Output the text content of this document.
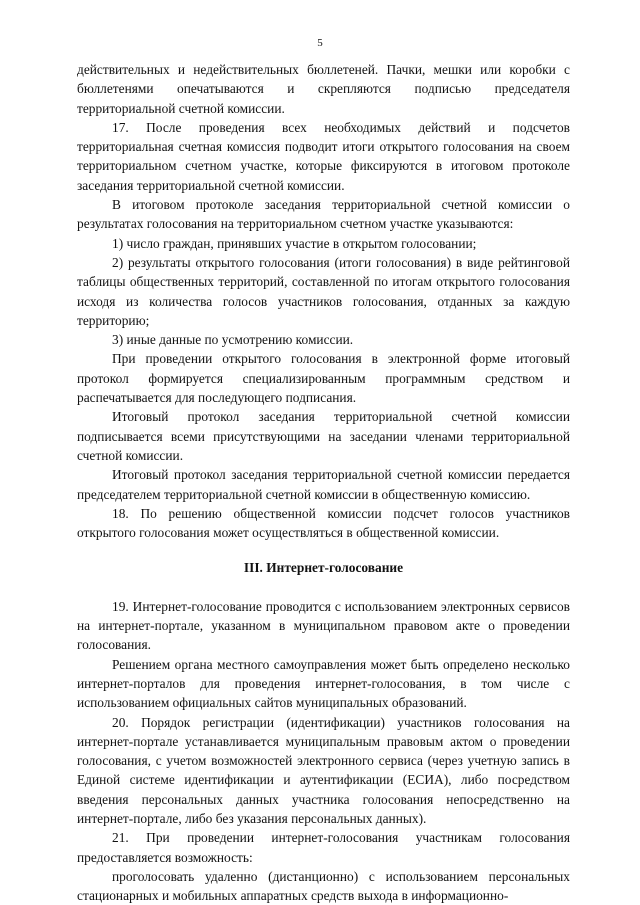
5

действительных и недействительных бюллетеней. Пачки, мешки или коробки с бюллетенями опечатываются и скрепляются подписью председателя территориальной счетной комиссии.

17. После проведения всех необходимых действий и подсчетов территориальная счетная комиссия подводит итоги открытого голосования на своем территориальном счетном участке, которые фиксируются в итоговом протоколе заседания территориальной счетной комиссии.

В итоговом протоколе заседания территориальной счетной комиссии о результатах голосования на территориальном счетном участке указываются:

1) число граждан, принявших участие в открытом голосовании;

2) результаты открытого голосования (итоги голосования) в виде рейтинговой таблицы общественных территорий, составленной по итогам открытого голосования исходя из количества голосов участников голосования, отданных за каждую территорию;

3) иные данные по усмотрению комиссии.

При проведении открытого голосования в электронной форме итоговый протокол формируется специализированным программным средством и распечатывается для последующего подписания.

Итоговый протокол заседания территориальной счетной комиссии подписывается всеми присутствующими на заседании членами территориальной счетной комиссии.

Итоговый протокол заседания территориальной счетной комиссии передается председателем территориальной счетной комиссии в общественную комиссию.

18. По решению общественной комиссии подсчет голосов участников открытого голосования может осуществляться в общественной комиссии.

III. Интернет-голосование

19. Интернет-голосование проводится с использованием электронных сервисов на интернет-портале, указанном в муниципальном правовом акте о проведении голосования.

Решением органа местного самоуправления может быть определено несколько интернет-порталов для проведения интернет-голосования, в том числе с использованием официальных сайтов муниципальных образований.

20. Порядок регистрации (идентификации) участников голосования на интернет-портале устанавливается муниципальным правовым актом о проведении голосования, с учетом возможностей электронного сервиса (через учетную запись в Единой системе идентификации и аутентификации (ЕСИА), либо посредством введения персональных данных участника голосования непосредственно на интернет-портале, либо без указания персональных данных).

21. При проведении интернет-голосования участникам голосования предоставляется возможность:

проголосовать удаленно (дистанционно) с использованием персональных стационарных и мобильных аппаратных средств выхода в информационно-
